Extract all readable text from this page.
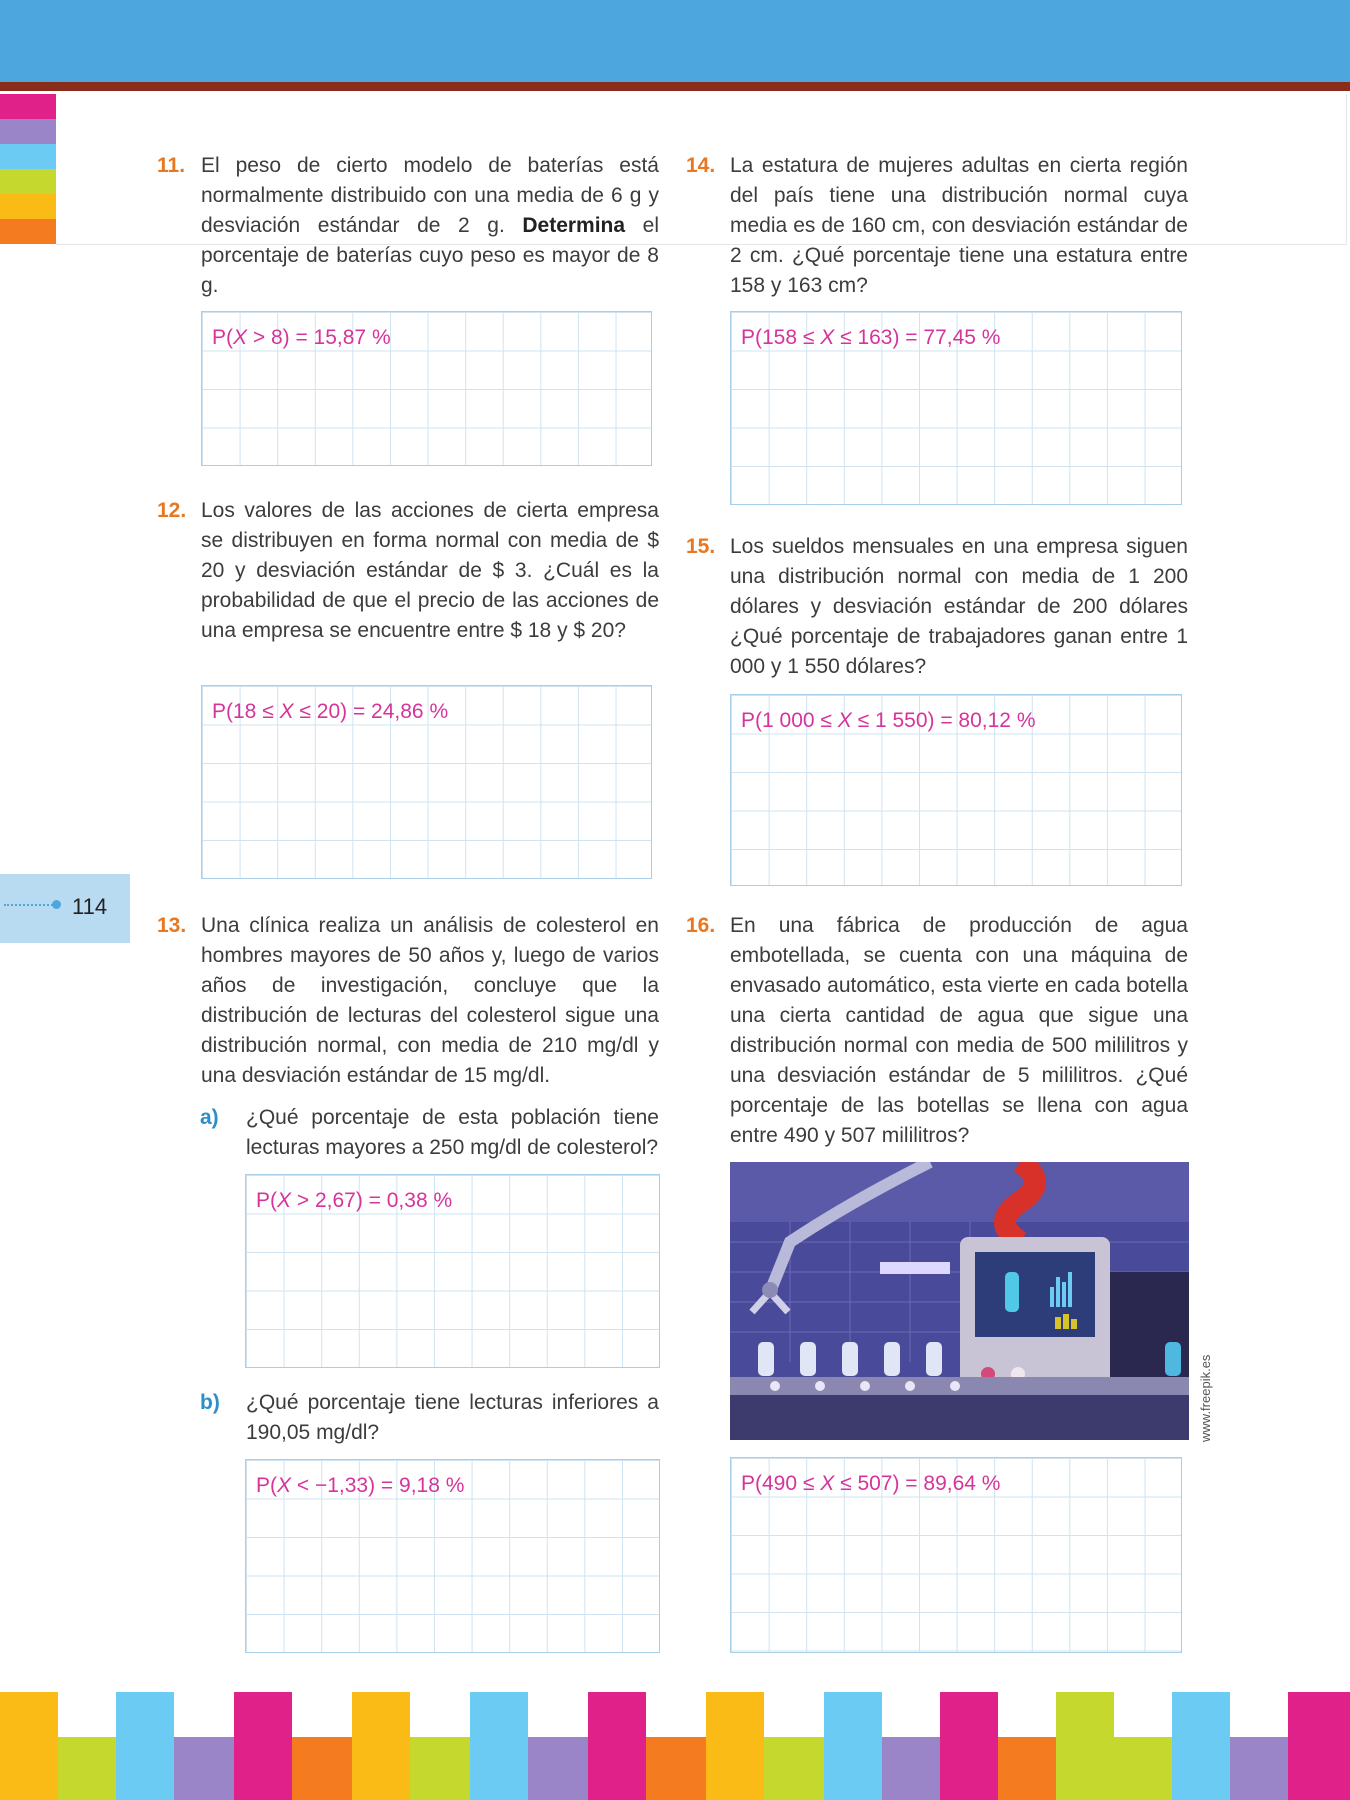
11. El peso de cierto modelo de baterías está normalmente distribuido con una media de 6 g y desviación estándar de 2 g. Determina el porcentaje de baterías cuyo peso es mayor de 8 g.
P(X > 8) = 15,87 %
12. Los valores de las acciones de cierta empresa se distribuyen en forma normal con media de $ 20 y desviación estándar de $ 3. ¿Cuál es la probabilidad de que el precio de las acciones de una empresa se encuentre entre $ 18 y $ 20?
P(18 ≤ X ≤ 20) = 24,86 %
114
13. Una clínica realiza un análisis de colesterol en hombres mayores de 50 años y, luego de varios años de investigación, concluye que la distribución de lecturas del colesterol sigue una distribución normal, con media de 210 mg/dl y una desviación estándar de 15 mg/dl.
a) ¿Qué porcentaje de esta población tiene lecturas mayores a 250 mg/dl de colesterol?
P(X > 2,67) = 0,38 %
b) ¿Qué porcentaje tiene lecturas inferiores a 190,05 mg/dl?
P(X < −1,33) = 9,18 %
14. La estatura de mujeres adultas en cierta región del país tiene una distribución normal cuya media es de 160 cm, con desviación estándar de 2 cm. ¿Qué porcentaje tiene una estatura entre 158 y 163 cm?
P(158 ≤ X ≤ 163) = 77,45 %
15. Los sueldos mensuales en una empresa siguen una distribución normal con media de 1 200 dólares y desviación estándar de 200 dólares ¿Qué porcentaje de trabajadores ganan entre 1 000 y 1 550 dólares?
P(1 000 ≤ X ≤ 1 550) = 80,12 %
16. En una fábrica de producción de agua embotellada, se cuenta con una máquina de envasado automático, esta vierte en cada botella una cierta cantidad de agua que sigue una distribución normal con media de 500 mililitros y una desviación estándar de 5 mililitros. ¿Qué porcentaje de las botellas se llena con agua entre 490 y 507 mililitros?
www.freepik.es
P(490 ≤ X ≤ 507) = 89,64 %
